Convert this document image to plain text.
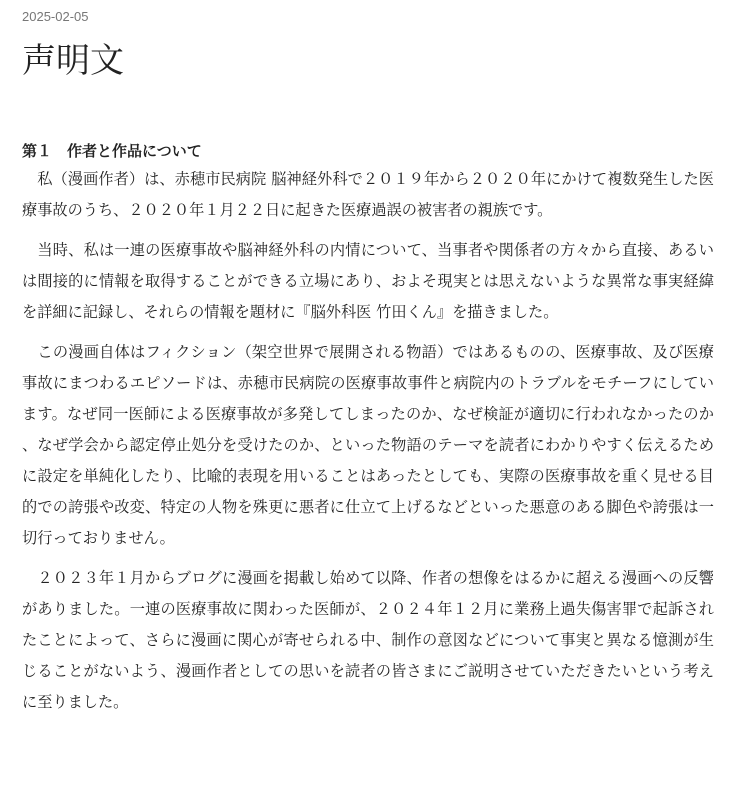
2025-02-05
声明文
第１　作者と作品について

　私（漫画作者）は、赤穂市民病院 脳神経外科で２０１９年から２０２０年にかけて複数発生した医療事故のうち、２０２０年１月２２日に起きた医療過誤の被害者の親族です。

　当時、私は一連の医療事故や脳神経外科の内情について、当事者や関係者の方々から直接、あるいは間接的に情報を取得することができる立場にあり、およそ現実とは思えないような異常な事実経緯を詳細に記録し、それらの情報を題材に『脳外科医 竹田くん』を描きました。

　この漫画自体はフィクション（架空世界で展開される物語）ではあるものの、医療事故、及び医療事故にまつわるエピソードは、赤穂市民病院の医療事故事件と病院内のトラブルをモチーフにしています。なぜ同一医師による医療事故が多発してしまったのか、なぜ検証が適切に行われなかったのか、なぜ学会から認定停止処分を受けたのか、といった物語のテーマを読者にわかりやすく伝えるために設定を単純化したり、比喩的表現を用いることはあったとしても、実際の医療事故を重く見せる目的での誇張や改変、特定の人物を殊更に悪者に仕立て上げるなどといった悪意のある脚色や誇張は一切行っておりません。

　２０２３年１月からブログに漫画を掲載し始めて以降、作者の想像をはるかに超える漫画への反響がありました。一連の医療事故に関わった医師が、２０２４年１２月に業務上過失傷害罪で起訴されたことによって、さらに漫画に関心が寄せられる中、制作の意図などについて事実と異なる憶測が生じることがないよう、漫画作者としての思いを読者の皆さまにご説明させていただきたいという考えに至りました。
